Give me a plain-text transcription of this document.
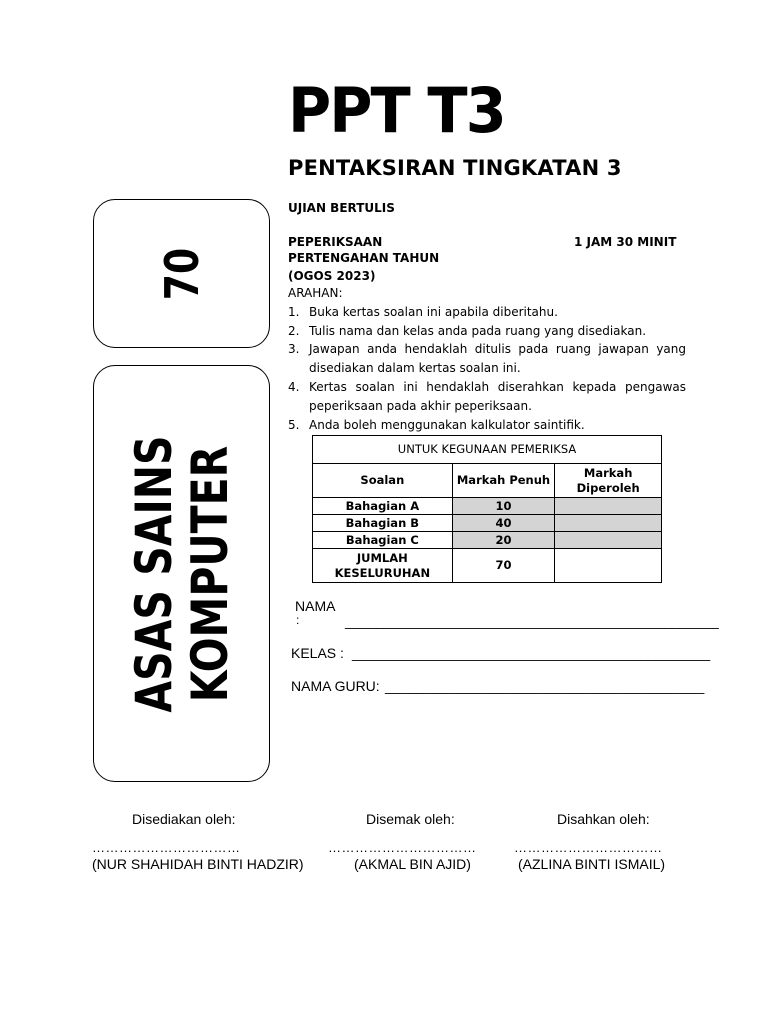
PPT T3
PENTAKSIRAN TINGKATAN 3
UJIAN BERTULIS
PEPERIKSAAN
PERTENGAHAN TAHUN
(OGOS 2023)
1 JAM 30 MINIT
70
ASAS SAINS
KOMPUTER
ARAHAN:
1. Buka kertas soalan ini apabila diberitahu.
2. Tulis nama dan kelas anda pada ruang yang disediakan.
3. Jawapan anda hendaklah ditulis pada ruang jawapan yang disediakan dalam kertas soalan ini.
4. Kertas soalan ini hendaklah diserahkan kepada pengawas peperiksaan pada akhir peperiksaan.
5. Anda boleh menggunakan kalkulator saintifik.
UNTUK KEGUNAAN PEMERIKSA		
Soalan	Markah Penuh	Markah Diperoleh
Bahagian A	10	
Bahagian B	40	
Bahagian C	20	
JUMLAH KESELURUHAN	70	
NAMA
:	________________________________________________
KELAS : ______________________________________________
NAMA GURU: _________________________________________
Disediakan oleh:
……………………………
(NUR SHAHIDAH BINTI HADZIR)
Disemak oleh:
……………………………
(AKMAL BIN AJID)
Disahkan oleh:
……………………………
(AZLINA BINTI ISMAIL)
